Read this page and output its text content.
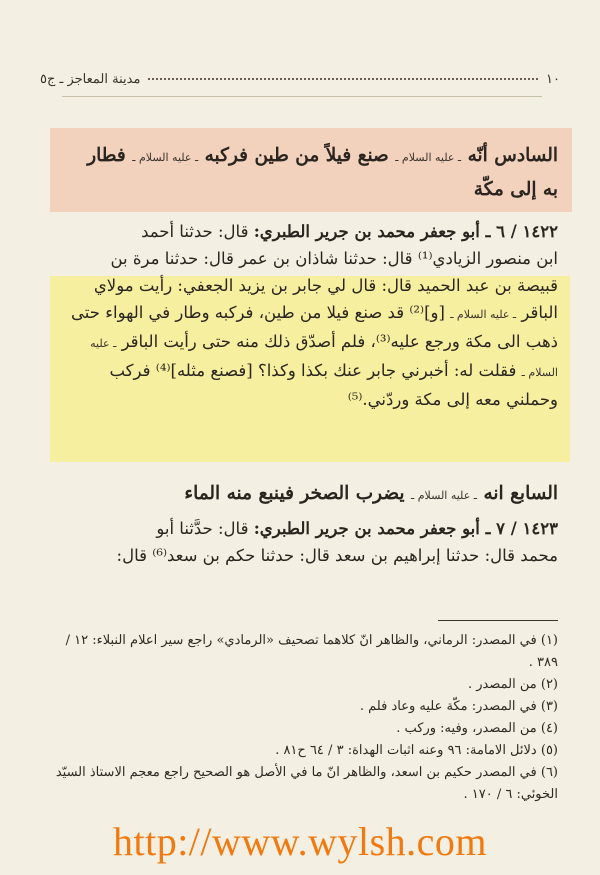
١٠
مدينة المعاجز ـ ج٥
السادس أنّه ـ عليه السلام ـ صنع فيلاً من طين فركبه ـ عليه السلام ـ فطار
به إلى مكّة
١٤٢٢ / ٦ ـ أبو جعفر محمد بن جرير الطبري: قال: حدثنا أحمد
ابن منصور الزيادي⁽¹⁾ قال: حدثنا شاذان بن عمر قال: حدثنا مرة بن
قبيصة بن عبد الحميد قال: قال لي جابر بن يزيد الجعفي: رأيت مولاي
الباقر ـ عليه السلام ـ [و]⁽²⁾ قد صنع فيلا من طين، فركبه وطار في الهواء حتى
ذهب الى مكة ورجع عليه⁽³⁾، فلم أصدّق ذلك منه حتى رأيت الباقر ـ عليه
السلام ـ فقلت له: أخبرني جابر عنك بكذا وكذا؟ [فصنع مثله]⁽⁴⁾ فركب
وحملني معه إلى مكة وردّني.⁽⁵⁾
السابع انه ـ عليه السلام ـ يضرب الصخر فينبع منه الماء
١٤٢٣ / ٧ ـ أبو جعفر محمد بن جرير الطبري: قال: حدَّثنا أبو
محمد قال: حدثنا إبراهيم بن سعد قال: حدثنا حكم بن سعد⁽⁶⁾ قال:

(١) في المصدر: الرماني، والظاهر انّ كلاهما تصحيف «الرمادي» راجع سير اعلام النبلاء: ١٢ / ٣٨٩ .

(٢) من المصدر .

(٣) في المصدر: مكّة عليه وعاد فلم .

(٤) من المصدر، وفيه: وركب .

(٥) دلائل الامامة: ٩٦ وعنه اثبات الهداة: ٣ / ٦٤ ح٨١ .

(٦) في المصدر حكيم بن اسعد، والظاهر انّ ما في الأصل هو الصحيح راجع معجم الاستاذ السيّد الخوئي: ٦ / ١٧٠ .

http://www.wylsh.com
